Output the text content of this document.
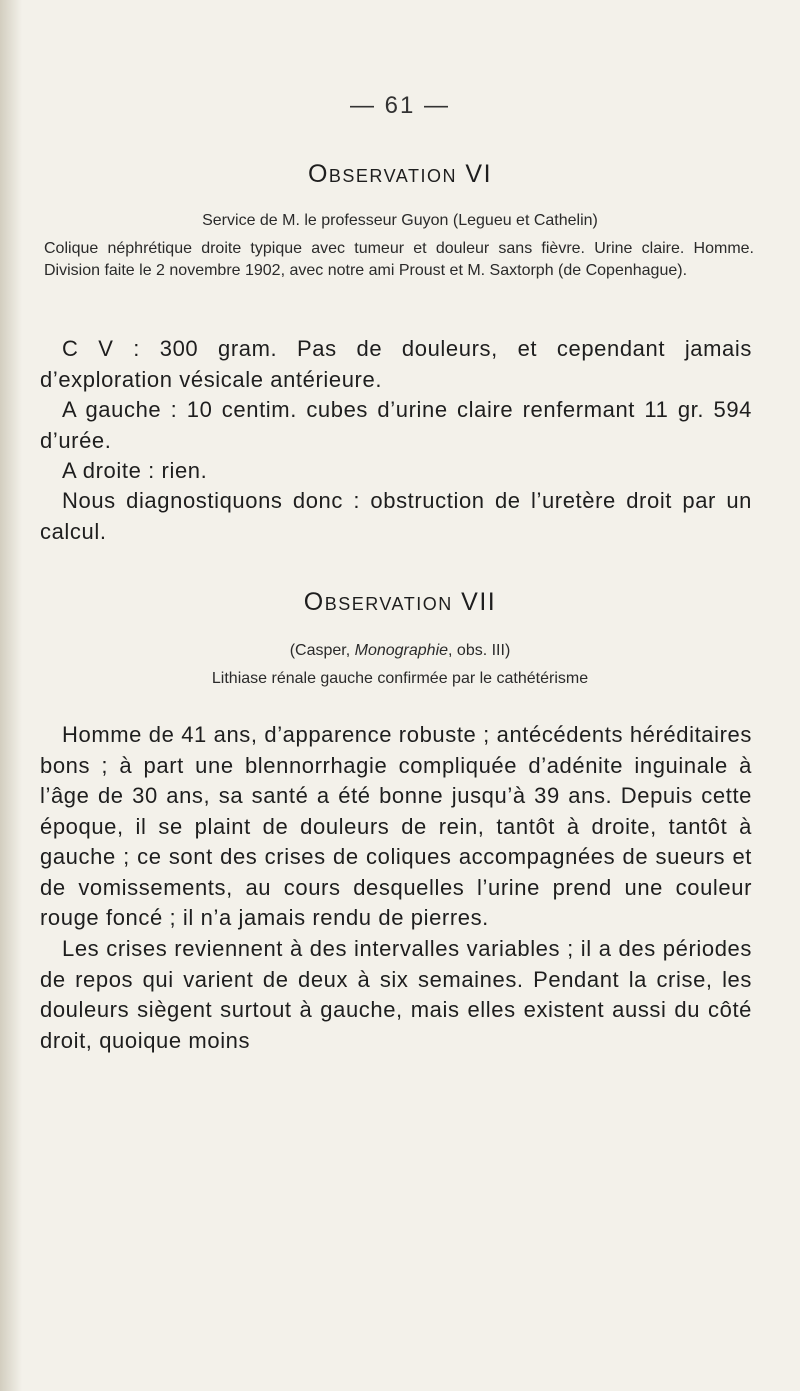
— 61 —
Observation VI

Service de M. le professeur Guyon (Legueu et Cathelin)

Colique néphrétique droite typique avec tumeur et douleur sans fièvre. Urine claire. Homme. Division faite le 2 novembre 1902, avec notre ami Proust et M. Saxtorph (de Copenhague).

C V : 300 gram. Pas de douleurs, et cependant jamais d’exploration vésicale antérieure.

A gauche : 10 centim. cubes d’urine claire renfermant 11 gr. 594 d’urée.

A droite : rien.

Nous diagnostiquons donc : obstruction de l’uretère droit par un calcul.

Observation VII

(Casper, Monographie, obs. III)

Lithiase rénale gauche confirmée par le cathétérisme

Homme de 41 ans, d’apparence robuste ; antécédents héréditaires bons ; à part une blennorrhagie compliquée d’adénite inguinale à l’âge de 30 ans, sa santé a été bonne jusqu’à 39 ans. Depuis cette époque, il se plaint de douleurs de rein, tantôt à droite, tantôt à gauche ; ce sont des crises de coliques accompagnées de sueurs et de vomissements, au cours desquelles l’urine prend une couleur rouge foncé ; il n’a jamais rendu de pierres.

Les crises reviennent à des intervalles variables ; il a des périodes de repos qui varient de deux à six semaines. Pendant la crise, les douleurs siègent surtout à gauche, mais elles existent aussi du côté droit, quoique moins
